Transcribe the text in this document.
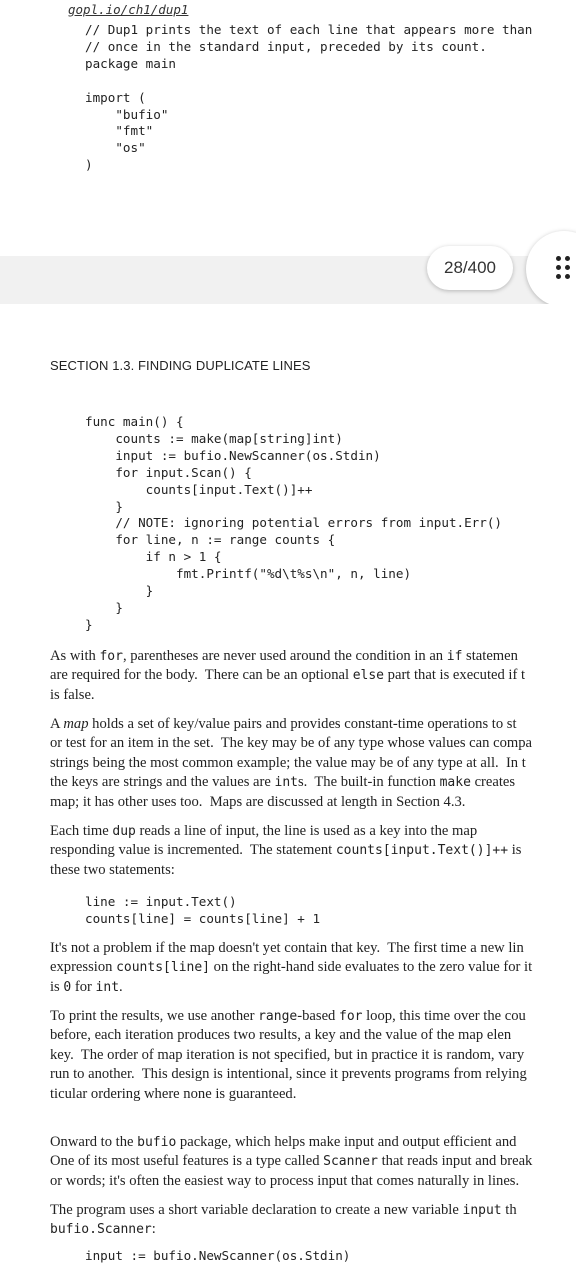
gopl.io/ch1/dup1
// Dup1 prints the text of each line that appears more than
// once in the standard input, preceded by its count.
package main

import (
"bufio"
"fmt"
"os"
)
28/400
SECTION 1.3. FINDING DUPLICATE LINES
func main() {
counts := make(map[string]int)
input := bufio.NewScanner(os.Stdin)
for input.Scan() {
counts[input.Text()]++
}
// NOTE: ignoring potential errors from input.Err()
for line, n := range counts {
if n > 1 {
fmt.Printf("%d\t%s\n", n, line)
}
}
}

As with for, parentheses are never used around the condition in an if statemen
are required for the body.  There can be an optional else part that is executed if t
is false.

A map holds a set of key/value pairs and provides constant-time operations to st
or test for an item in the set.  The key may be of any type whose values can compa
strings being the most common example; the value may be of any type at all.  In t
the keys are strings and the values are ints.  The built-in function make creates
map; it has other uses too.  Maps are discussed at length in Section 4.3.

Each time dup reads a line of input, the line is used as a key into the map
responding value is incremented.  The statement counts[input.Text()]++ is
these two statements:

line := input.Text()
counts[line] = counts[line] + 1

It's not a problem if the map doesn't yet contain that key.  The first time a new lin
expression counts[line] on the right-hand side evaluates to the zero value for it
is 0 for int.

To print the results, we use another range-based for loop, this time over the cou
before, each iteration produces two results, a key and the value of the map elen
key.  The order of map iteration is not specified, but in practice it is random, vary
run to another.  This design is intentional, since it prevents programs from relying
ticular ordering where none is guaranteed.

Onward to the bufio package, which helps make input and output efficient and
One of its most useful features is a type called Scanner that reads input and break
or words; it's often the easiest way to process input that comes naturally in lines.

The program uses a short variable declaration to create a new variable input th
bufio.Scanner:

input := bufio.NewScanner(os.Stdin)
